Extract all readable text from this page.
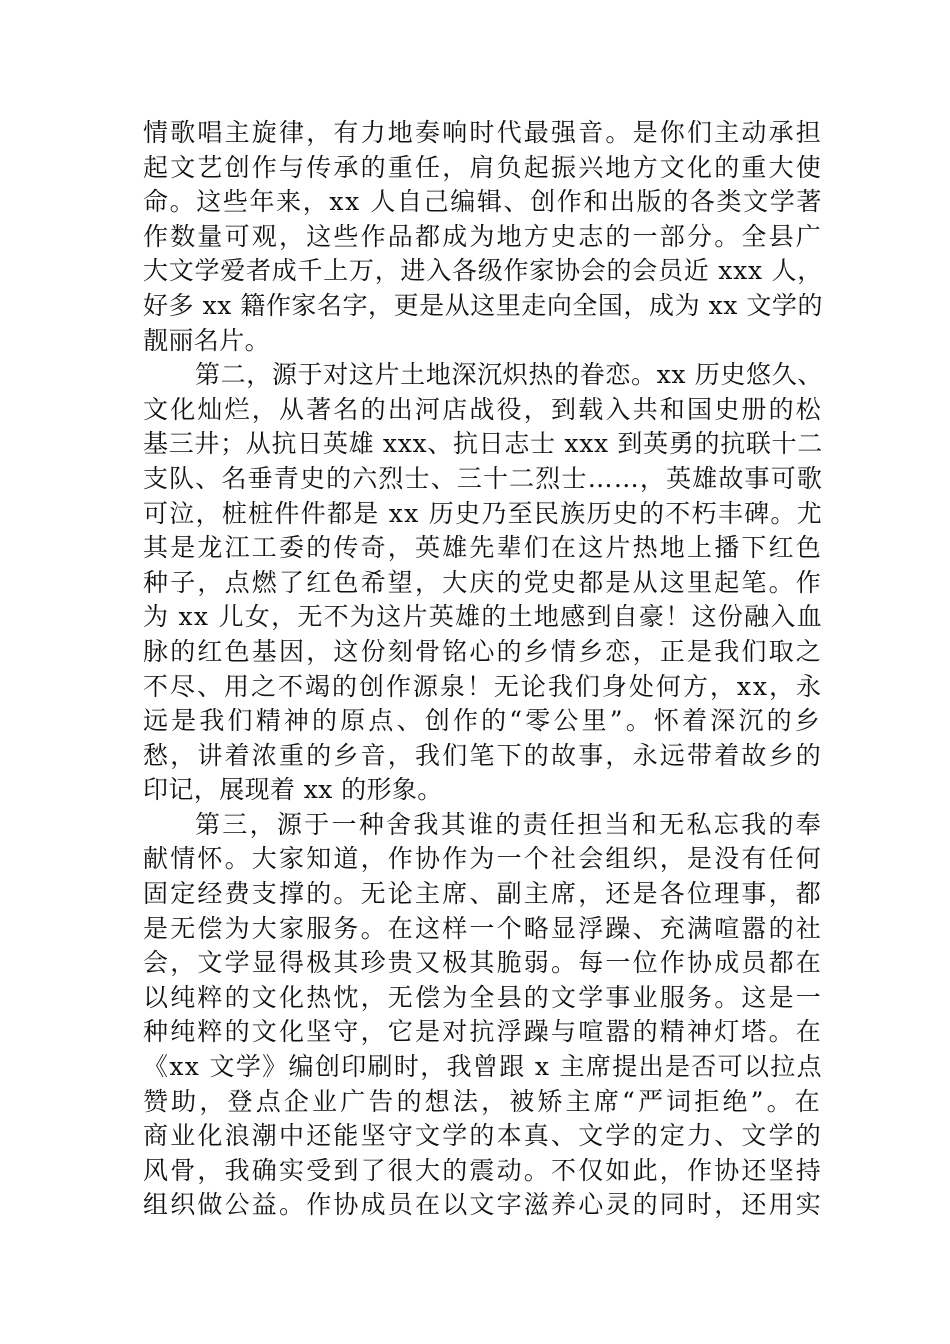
情歌唱主旋律，有力地奏响时代最强音。是你们主动承担
起文艺创作与传承的重任，肩负起振兴地方文化的重大使
命。这些年来，xx 人自己编辑、创作和出版的各类文学著
作数量可观，这些作品都成为地方史志的一部分。全县广
大文学爱者成千上万，进入各级作家协会的会员近 xxx 人，
好多 xx 籍作家名字，更是从这里走向全国，成为 xx 文学的
靓丽名片。
第二，源于对这片土地深沉炽热的眷恋。xx 历史悠久、
文化灿烂，从著名的出河店战役，到载入共和国史册的松
基三井；从抗日英雄 xxx、抗日志士 xxx 到英勇的抗联十二
支队、名垂青史的六烈士、三十二烈士……，英雄故事可歌
可泣，桩桩件件都是 xx 历史乃至民族历史的不朽丰碑。尤
其是龙江工委的传奇，英雄先辈们在这片热地上播下红色
种子，点燃了红色希望，大庆的党史都是从这里起笔。作
为 xx 儿女，无不为这片英雄的土地感到自豪！这份融入血
脉的红色基因，这份刻骨铭心的乡情乡恋，正是我们取之
不尽、用之不竭的创作源泉！无论我们身处何方，xx，永
远是我们精神的原点、创作的“零公里”。怀着深沉的乡
愁，讲着浓重的乡音，我们笔下的故事，永远带着故乡的
印记，展现着 xx 的形象。
第三，源于一种舍我其谁的责任担当和无私忘我的奉
献情怀。大家知道，作协作为一个社会组织，是没有任何
固定经费支撑的。无论主席、副主席，还是各位理事，都
是无偿为大家服务。在这样一个略显浮躁、充满喧嚣的社
会，文学显得极其珍贵又极其脆弱。每一位作协成员都在
以纯粹的文化热忱，无偿为全县的文学事业服务。这是一
种纯粹的文化坚守，它是对抗浮躁与喧嚣的精神灯塔。在
《xx 文学》编创印刷时，我曾跟 x 主席提出是否可以拉点
赞助，登点企业广告的想法，被矫主席“严词拒绝”。在
商业化浪潮中还能坚守文学的本真、文学的定力、文学的
风骨，我确实受到了很大的震动。不仅如此，作协还坚持
组织做公益。作协成员在以文字滋养心灵的同时，还用实
